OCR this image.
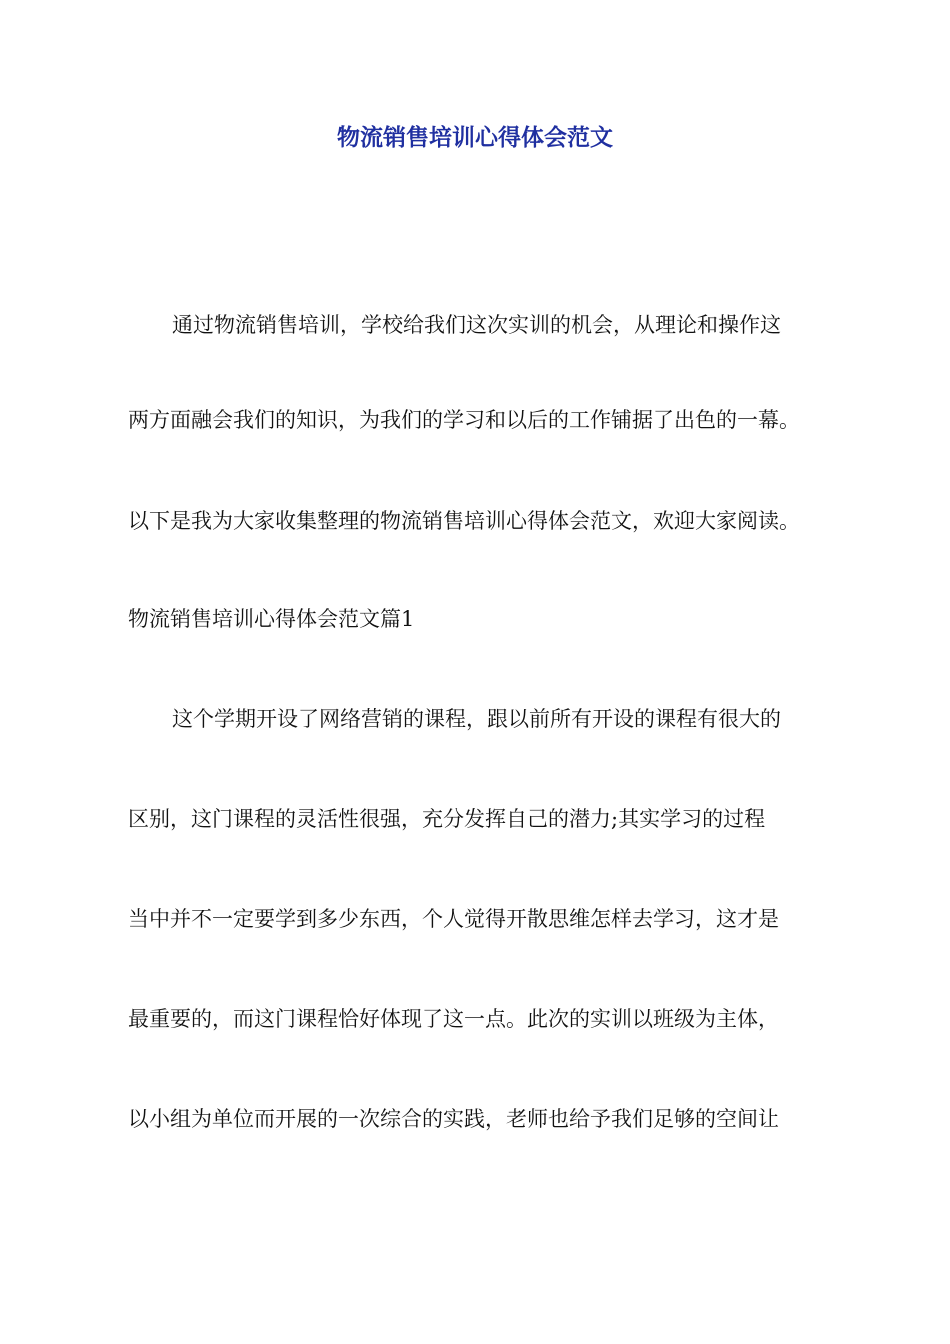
物流销售培训心得体会范文

通过物流销售培训，学校给我们这次实训的机会，从理论和操作这

两方面融会我们的知识，为我们的学习和以后的工作铺据了出色的一幕。

以下是我为大家收集整理的物流销售培训心得体会范文，欢迎大家阅读。

物流销售培训心得体会范文篇1

这个学期开设了网络营销的课程，跟以前所有开设的课程有很大的

区别，这门课程的灵活性很强，充分发挥自己的潜力;其实学习的过程

当中并不一定要学到多少东西，个人觉得开散思维怎样去学习，这才是

最重要的，而这门课程恰好体现了这一点。此次的实训以班级为主体，

以小组为单位而开展的一次综合的实践，老师也给予我们足够的空间让
